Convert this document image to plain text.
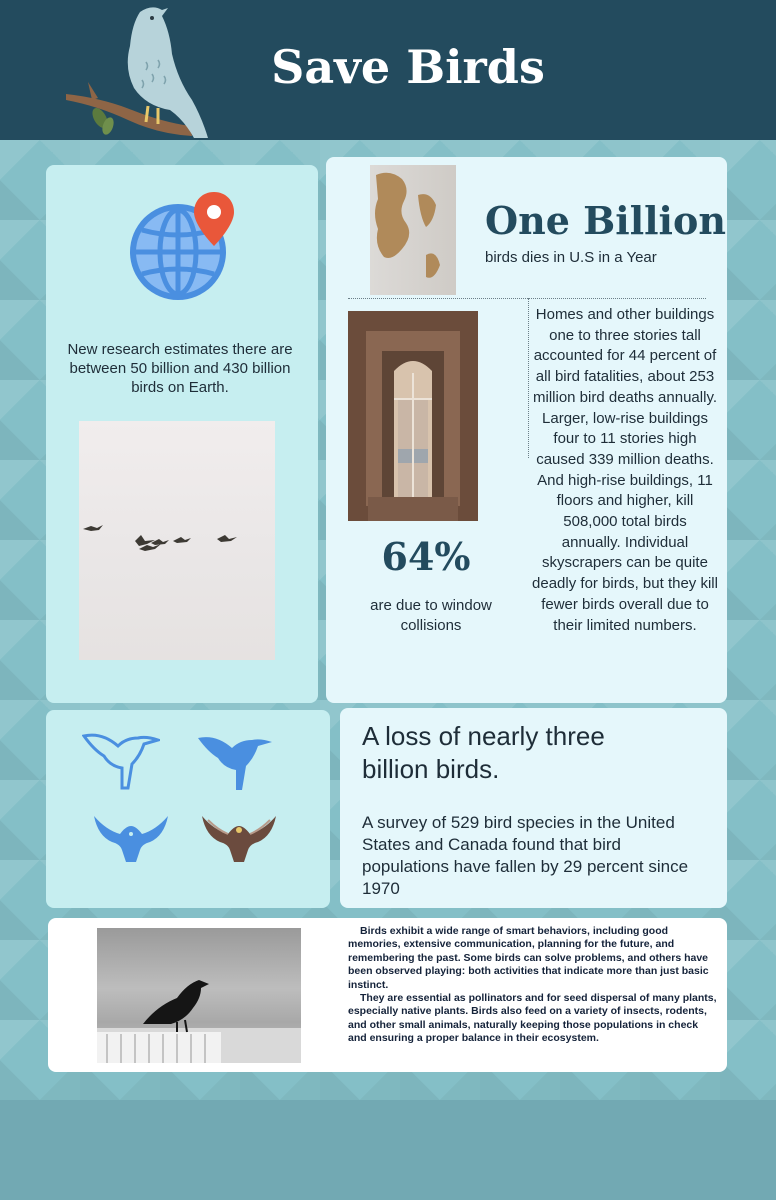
Save Birds
New research estimates there are between 50 billion and 430 billion birds on Earth.
One Billion
birds dies in U.S in a Year
64%
are due to window collisions
Homes and other buildings one to three stories tall accounted for 44 percent of all bird fatalities, about 253 million bird deaths annually. Larger, low-rise buildings four to 11 stories high caused 339 million deaths. And high-rise buildings, 11 floors and higher, kill 508,000 total birds annually. Individual skyscrapers can be quite deadly for birds, but they kill fewer birds overall due to their limited numbers.
A loss of nearly three billion birds.
A survey of 529 bird species in the United States and Canada found that bird populations have fallen by 29 percent since 1970

Birds exhibit a wide range of smart behaviors, including good memories, extensive communication, planning for the future, and remembering the past. Some birds can solve problems, and others have been observed playing: both activities that indicate more than just basic instinct.

They are essential as pollinators and for seed dispersal of many plants, especially native plants. Birds also feed on a variety of insects, rodents, and other small animals, naturally keeping those populations in check and ensuring a proper balance in their ecosystem.
